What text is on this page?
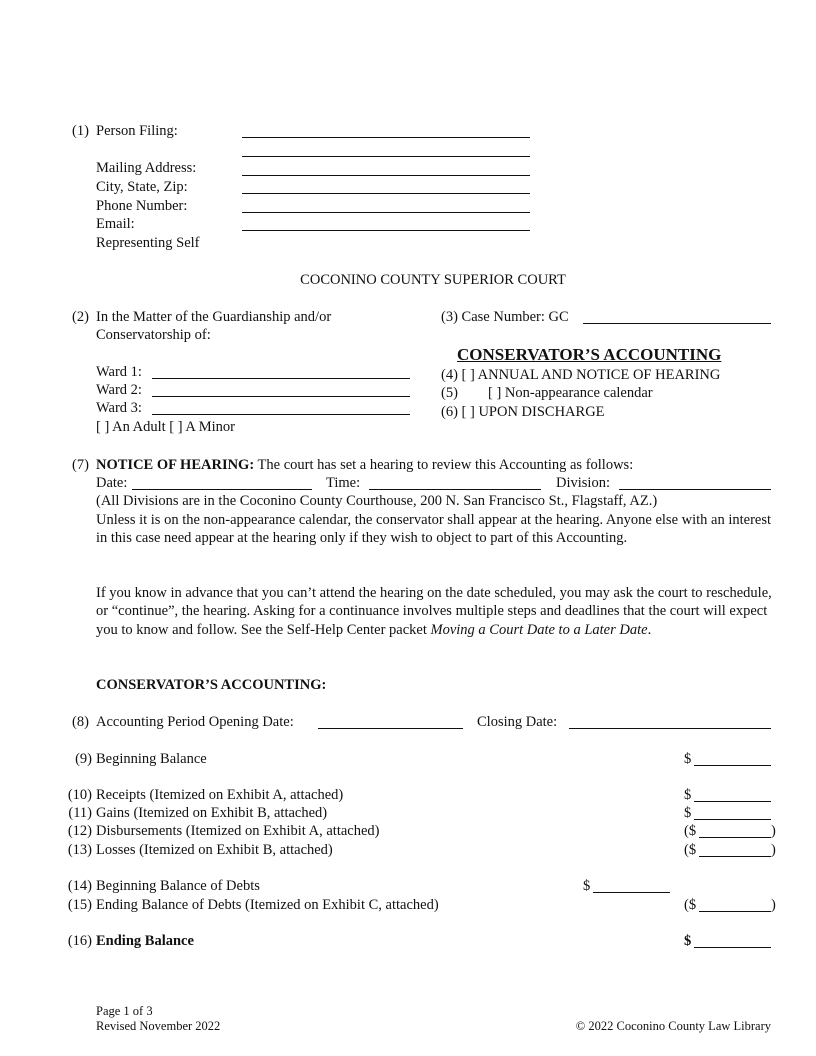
(1) Person Filing:
Mailing Address:
City, State, Zip:
Phone Number:
Email:
Representing Self
COCONINO COUNTY SUPERIOR COURT
(2) In the Matter of the Guardianship and/or
Conservatorship of:
Ward 1:
Ward 2:
Ward 3:
[ ] An Adult [ ] A Minor
(3) Case Number: GC
CONSERVATOR’S ACCOUNTING
(4) [ ] ANNUAL AND NOTICE OF HEARING
(5) [ ] Non-appearance calendar
(6) [ ] UPON DISCHARGE
(7) NOTICE OF HEARING: The court has set a hearing to review this Accounting as follows:
Date:	Time:	Division:
(All Divisions are in the Coconino County Courthouse, 200 N. San Francisco St., Flagstaff, AZ.)
Unless it is on the non-appearance calendar, the conservator shall appear at the hearing. Anyone else with an interest in this case need appear at the hearing only if they wish to object to part of this Accounting.
If you know in advance that you can’t attend the hearing on the date scheduled, you may ask the court to reschedule, or “continue”, the hearing. Asking for a continuance involves multiple steps and deadlines that the court will expect you to know and follow. See the Self-Help Center packet Moving a Court Date to a Later Date.
CONSERVATOR’S ACCOUNTING:
(8) Accounting Period Opening Date:	Closing Date:
(9) Beginning Balance	$
(10) Receipts (Itemized on Exhibit A, attached)	$
(11) Gains (Itemized on Exhibit B, attached)	$
(12) Disbursements (Itemized on Exhibit A, attached)	($	)
(13) Losses (Itemized on Exhibit B, attached)	($	)
(14) Beginning Balance of Debts	$
(15) Ending Balance of Debts (Itemized on Exhibit C, attached)	($	)
(16) Ending Balance	$
Page 1 of 3
Revised November 2022	© 2022 Coconino County Law Library
